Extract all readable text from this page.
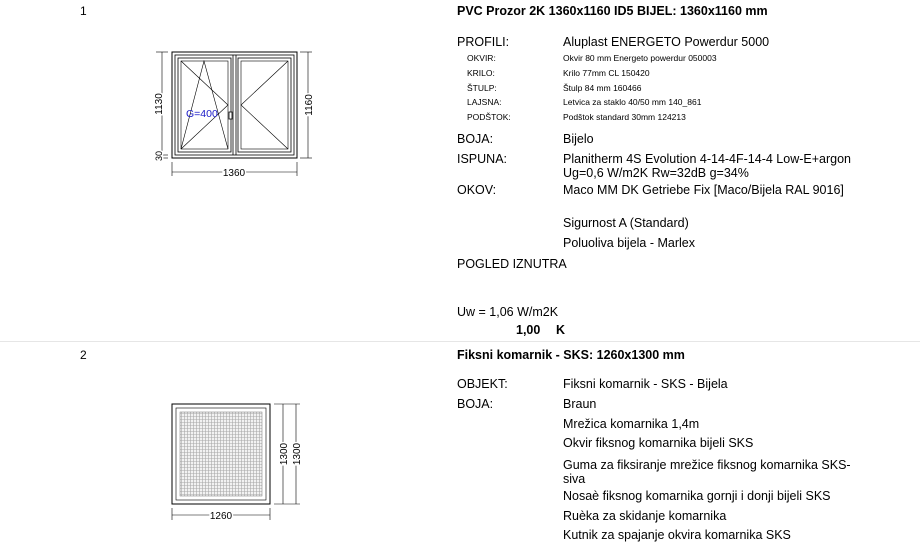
1	PVC Prozor 2K 1360x1160 ID5 BIJEL: 1360x1160 mm
G=400	1160
1130
30
1360
PROFILI:	Aluplast ENERGETO Powerdur 5000
OKVIR:	Okvir 80 mm Energeto powerdur 050003
KRILO:	Krilo 77mm CL 150420
ŠTULP:	Štulp 84 mm 160466
LAJSNA:	Letvica za staklo 40/50 mm 140_861
PODŠTOK:	Podštok standard 30mm 124213
BOJA:	Bijelo
ISPUNA:	Planitherm 4S Evolution 4-14-4F-14-4 Low-E+argon Ug=0,6 W/m2K Rw=32dB g=34%
OKOV:	Maco MM DK Getriebe Fix [Maco/Bijela RAL 9016]
Sigurnost A (Standard)
Poluoliva bijela - Marlex
POGLED IZNUTRA
Uw = 1,06 W/m2K
1,00 K
2	Fiksni komarnik - SKS: 1260x1300 mm
1300 1300
1260
OBJEKT:	Fiksni komarnik - SKS - Bijela
BOJA:	Braun
Mrežica komarnika 1,4m
Okvir fiksnog komarnika bijeli SKS
Guma za fiksiranje mrežice fiksnog komarnika SKS-siva
Nosaè fiksnog komarnika gornji i donji bijeli SKS
Ruèka za skidanje komarnika
Kutnik za spajanje okvira komarnika SKS
